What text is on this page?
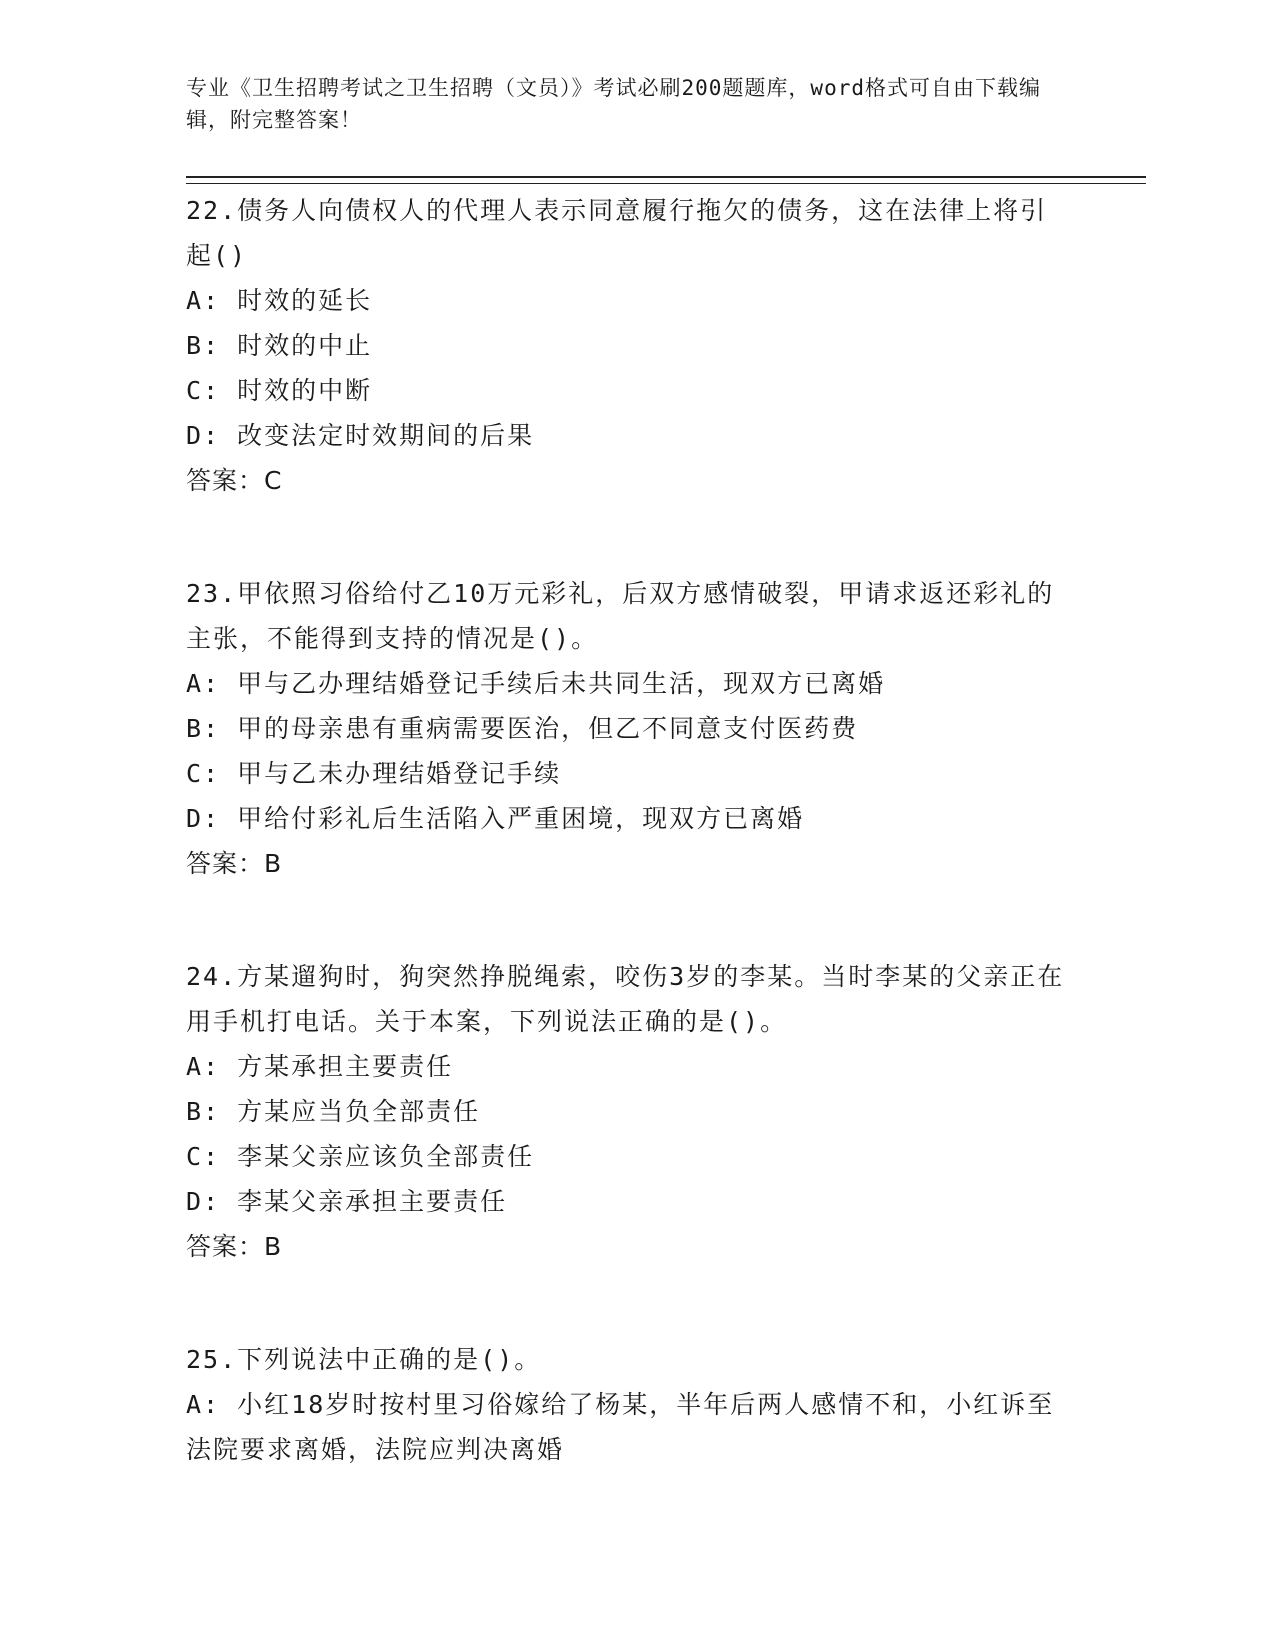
专业《卫生招聘考试之卫生招聘（文员）》考试必刷200题题库，word格式可自由下载编辑，附完整答案！
22.债务人向债权人的代理人表示同意履行拖欠的债务，这在法律上将引起()
A: 时效的延长
B: 时效的中止
C: 时效的中断
D: 改变法定时效期间的后果
答案：C
23.甲依照习俗给付乙10万元彩礼，后双方感情破裂，甲请求返还彩礼的主张，不能得到支持的情况是()。
A: 甲与乙办理结婚登记手续后未共同生活，现双方已离婚
B: 甲的母亲患有重病需要医治，但乙不同意支付医药费
C: 甲与乙未办理结婚登记手续
D: 甲给付彩礼后生活陷入严重困境，现双方已离婚
答案：B
24.方某遛狗时，狗突然挣脱绳索，咬伤3岁的李某。当时李某的父亲正在用手机打电话。关于本案，下列说法正确的是()。
A: 方某承担主要责任
B: 方某应当负全部责任
C: 李某父亲应该负全部责任
D: 李某父亲承担主要责任
答案：B
25.下列说法中正确的是()。
A: 小红18岁时按村里习俗嫁给了杨某，半年后两人感情不和，小红诉至法院要求离婚，法院应判决离婚
